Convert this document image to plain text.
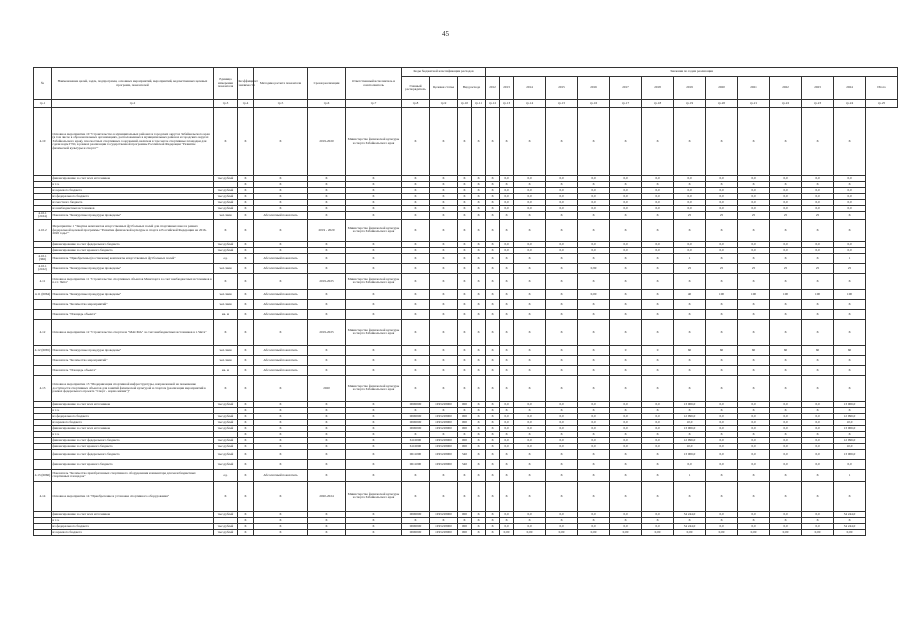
45
№	Наименование целей, задач, подпрограмм, основных мероприятий, мероприятий, ведомственных целевых программ, показателей	Единица измерения показателя	Коэффициент значимости	Методика расчета показателя	Сроки реализации	Ответственный исполнитель и соисполнитель	Коды бюджетной классификации расходов				Значения по годам реализации													
							Главный распорядитель	Целевая статья	Вид расхода		2012	2013	2014	2015	2016	2017	2018	2019	2020	2021	2022	2023	2024	Итого
гр.1	гр.2	гр.3	гр.4	гр.5	гр.6	гр.7	гр.8	гр.9	гр.10	гр.11	гр.12	гр.13	гр.14	гр.15	гр.16	гр.17	гр.18	гр.19	гр.20	гр.21	гр.22	гр.23	гр.24	гр.25
4.10	Основное мероприятие 10 "Строительство в муниципальных районах и городских округах Забайкальского края (в том числе в образовательных организациях, расположенных в муниципальных районах и городских округах Забайкальского края), плоскостных спортивных сооружений, включая в том числе спортивные площадки для сдачи норм ГТО, в рамках реализации государственной программы Российской Федерации "Развитие физической культуры и спорта""	X	X	X	2019-2020	Министерство физической культуры и спорта Забайкальского края	X	X	X	X	X	X	X	X	X	X	X	X	X	X	X	X	X	
	финансирование за счет всех источников	тыс.рублей	X	X	X	X	X	X	X	X	X	0,0	0,0	0,0	0,0	0,0	0,0	0,0	0,0	0,0	0,0	0,0	0,0	
	в т.ч.		X	X	X	X	X	X	X	X	X	X	X	X	X	X	X	X	X	X	X	X	X	
	из краевого бюджета	тыс.рублей	X	X	X	X	X	X	X	X	X	0,0	0,0	0,0	0,0	0,0	0,0	0,0	0,0	0,0	0,0	0,0	0,0	
	из федерального бюджета	тыс.рублей	X	X	X	X	X	X	X	X	X	0,0	0,0	0,0	0,0	0,0	0,0	0,0	0,0	0,0	0,0	0,0	0,0	
	из местного бюджета	тыс.рублей	X	X	X	X	X	X	X	X	X	0,0	0,0	0,0	0,0	0,0	0,0	0,0	0,0	0,0	0,0	0,0	0,0	
	из внебюджетных источников	тыс.рублей	X	X	X	X	X	X	X	X	X	0,0	0,0	0,0	0,0	0,0	0,0	0,0	0,0	0,0	0,0	0,0	0,0	
4.10.1 (2164)	Показатель "Конкурсные процедуры проведены"	чел./мин	X	Абсолютный показатель	X	X	X	X	X	X	X	X	X	X	X	X	X	25	25	25	25	25	X	
4.10.2	Мероприятие 1 "Закупка комплектов искусственных футбольных полей для спортивных школ в рамках федеральной целевой программы "Развитие физической культуры и спорта в Российской Федерации на 2016-2020 годы""	X	X	X	2019 - 2020	Министерство физической культуры и спорта Забайкальского края	X	X	X	X	X	X	X	X	X	X	X	X	X	X	X	X	X	
	финансирование за счет федерального бюджета	тыс.рублей	X	X	X	X	X	X	X	X	X	0,0	0,0	0,0	0,0	0,0	0,0	0,0	0,0	0,0	0,0	0,0	0,0	
	финансирование за счет краевого бюджета	тыс.рублей	X	X	X	X	X	X	X	X	X	0,0	0,0	0,0	0,0	0,0	0,0	0,0	0,0	0,0	0,0	0,0	0,0	
4.10.1 (366)	Показатель "Приобретены (поставлены) комплекты искусственных футбольных полей"	ед.	X	Абсолютный показатель	X	X	X	X	X	X	X	X	X	X	X	X	X	1	X	X	X	X	1	
4.10.1 (2162)	Показатель "Конкурсные процедуры проведены"	чел./мин	X	Абсолютный показатель	X	X	X	X	X	X	X	X	X	X	0,99	X	X	25	25	25	25	25	25	
4.11	Основное мероприятие 11 "Строительство спортивных объектов Минспорта за счет внебюджетных источников в п.г.т. Чита"	X	X	X	2019-2025	Министерство физической культуры и спорта Забайкальского края	X	X	X	X	X	X	X	X	X	X	X	X	X	X	X	X	X	
4.11 (6064)	Показатель "Конкурсные процедуры проведены"	чел./мин	X	Абсолютный показатель	X	X	X	X	X	X	X	X	X	X	0,00	X	X	40	100	100	100	100	100	
	Показатель "Количество мероприятий"	чел./мин	X	Абсолютный показатель	X	X	X	X	X	X	X	X	X	X	X	X	X	X	X	X	X	X	X	
	Показатель "Площадь объекта"	кв. м	X	Абсолютный показатель	X	X	X	X	X	X	X	X	X	X	X	X	X	X	X	X	X	X	X	
4.12	Основное мероприятие 12 "Строительство спортзала "МАСМА" за счет внебюджетных источников в г. Чита"	X	X	X	2019-2025	Министерство физической культуры и спорта Забайкальского края	X	X	X	X	X	X	X	X	X	X	X	X	X	X	X	X	X	
4.12 (6065)	Показатель "Конкурсные процедуры проведены"	чел./мин	X	Абсолютный показатель	X	X	X	X	X	X	X	X	X	X	X	0	0	60	60	60	60	60	60	
	Показатель "Количество мероприятий"	чел./мин	X	Абсолютный показатель	X	X	X	X	X	X	X	X	X	X	X	X	X	X	X	X	X	X	X	
	Показатель "Площадь объекта"	кв. м	X	Абсолютный показатель	X	X	X	X	X	X	X	X	X	X	X	X	X	X	X	X	X	X	X	
4.13	Основное мероприятие 13 "Модернизация спортивной инфраструктуры, направленной на повышение доступности спортивных объектов для занятий физической культурой и спортом (реализация мероприятий в рамках федерального проекта "Спорт - норма жизни")"	X	X	X	2020	Министерство физической культуры и спорта Забайкальского края	X	X	X	X	X	X	X	X	X	X	X	X	X	X	X	X	X	
	финансирование за счет всех источников	тыс.рублей	X	X	X	X	0000000	1P45228000	000	X	X	0,0	0,0	0,0	0,0	0,0	0,0	13 006,0	0,0	0,0	0,0	0,0	13 006,0	
	в т.ч.		X	X	X	X	X	X	X	X	X	X	X	X	X	X	X	X	X	X	X	X	X	
	из федерального бюджета	тыс.рублей	X	X	X	X	0000000	1P45228000	000	X	X	0,0	0,0	0,0	0,0	0,0	0,0	12 996,0	0,0	0,0	0,0	0,0	12 996,0	
	из краевого бюджета	тыс.рублей	X	X	X	X	0000000	1P45228000	000	X	X	0,0	0,0	0,0	0,0	0,0	0,0	10,0	0,0	0,0	0,0	0,0	10,0	
	финансирование за счет всех источников	тыс.рублей	X	X	X	X	0000000	1P45228000	000	X	X	0,0	0,0	0,0	0,0	0,0	0,0	13 006,0	0,0	0,0	0,0	0,0	13 006,0	
	в т.ч.		X	X	X	X	X	X	X	X	X	X	X	X	X	X	X	X	X	X	X	X	X	
	финансирование за счет федерального бюджета	тыс.рублей	X	X	X	X	6110000	1P45228000	000	X	X	0,0	0,0	0,0	0,0	0,0	0,0	12 996,0	0,0	0,0	0,0	0,0	12 996,0	
	финансирование за счет краевого бюджета	тыс.рублей	X	X	X	X	6110000	1P45228000	000	X	X	0,0	0,0	0,0	0,0	0,0	0,0	10,0	0,0	0,0	0,0	0,0	10,0	
	финансирование за счет федерального бюджета	тыс.рублей	X	X	X	X	0611000	1P45228000	540	X	X	X	X	X	X	X	X	13 006,0	0,0	0,0	0,0	0,0	13 006,0	
	финансирование за счет краевого бюджета	тыс.рублей	X	X	X	X	0611000	1P45228000	540	X	X	X	X	X	X	X	X	0,0	0,0	0,0	0,0	0,0	0,0	
4.13 (6066)	Показатель "Количество приобретенных спортивного оборудования и инвентаря для малобюджетных спортивных площадок"	ед.	X	Абсолютный показатель	X	X	X	X	X	X	X	X	X	X	X	X	X	1	X	X	X	X	1	
4.14	Основное мероприятие 14 "Приобретение и установка спортивного оборудования"	X	X	X	2020-2024	Министерство физической культуры и спорта Забайкальского края	X	X	X	X	X	X	X	X	X	X	X	X	X	X	X	X	X	
	финансирование за счет всех источников	тыс.рублей	X	X	X	X	0000000	1P45228000	000	X	X	0,0	0,0	0,0	0,0	0,0	0,0	54 244,0	0,0	0,0	0,0	0,0	54 244,0	
	в т.ч.		X	X	X	X	X	X	X	X	X	X	X	X	X	X	X	X	X	X	X	X	X	
	из федерального бюджета	тыс.рублей	X	X	X	X	0000000	1P45228000	000	X	X	0,0	0,0	0,0	0,0	0,0	0,0	54 244,0	0,0	0,0	0,0	0,0	54 244,0	
	из краевого бюджета	тыс.рублей	X	X	X	X	0000000	1P45228000	000	X	X	0,00	0,00	0,00	0,00	0,00	0,00	0,00	0,00	0,00	0,00	0,00	0,00	
